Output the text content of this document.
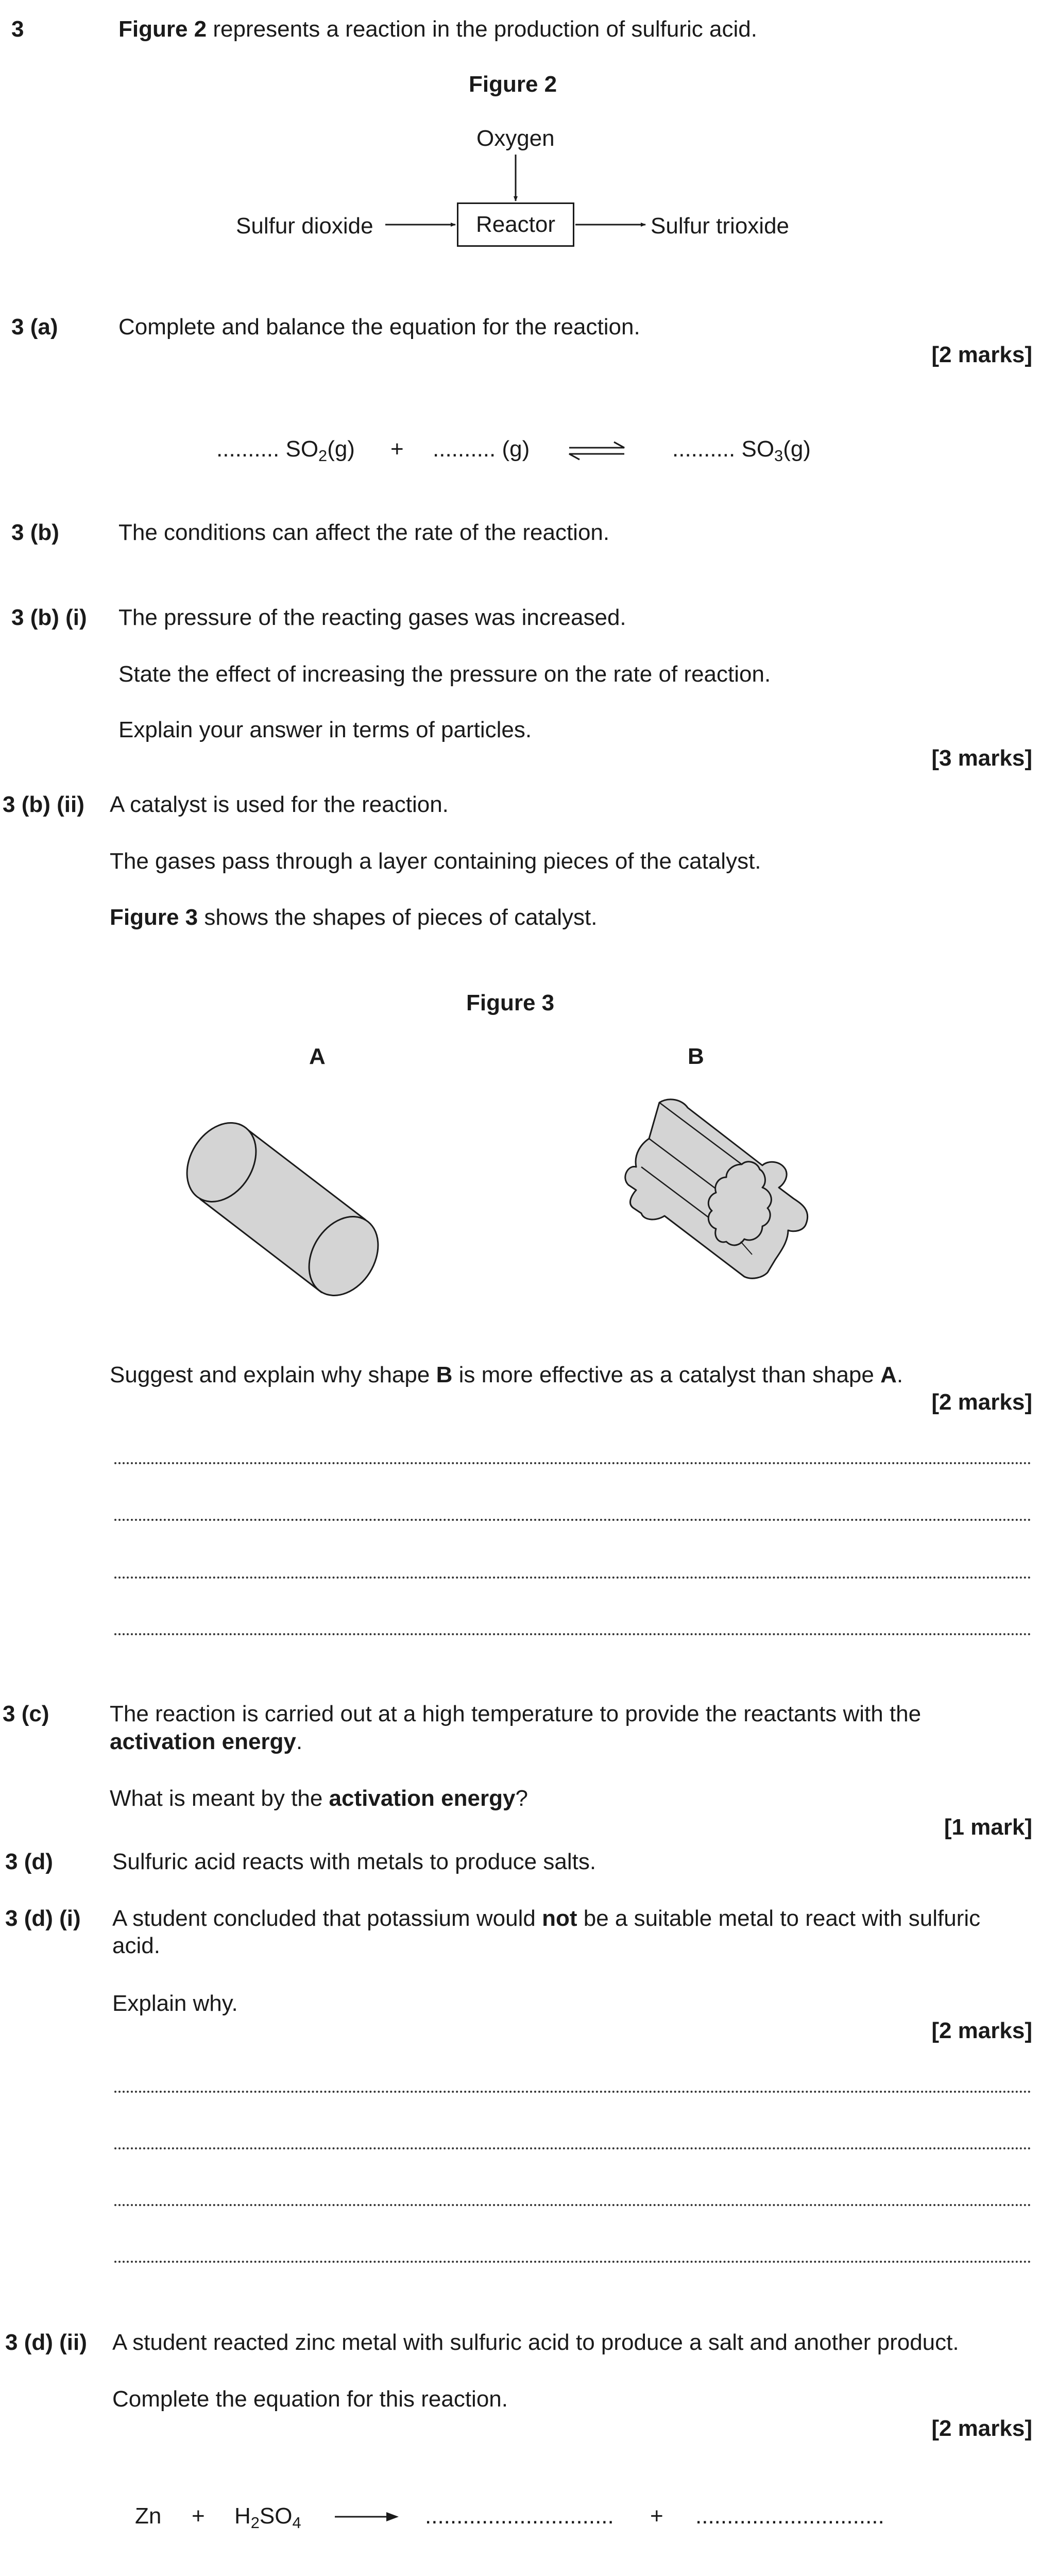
3	Figure 2 represents a reaction in the production of sulfuric acid.
Figure 2
Oxygen
Sulfur dioxide	Sulfur trioxide
Reactor
3 (a)	Complete and balance the equation for the reaction.
[2 marks]
.......... $SO_2(g)$ + .......... (g)	.......... $SO_3(g)$
3 (b)	The conditions can affect the rate of the reaction.
3 (b) (i) The pressure of the reacting gases was increased.
State the effect of increasing the pressure on the rate of reaction.
Explain your answer in terms of particles.
[3 marks]
3 (b) (ii) A catalyst is used for the reaction.
The gases pass through a layer containing pieces of the catalyst.
Figure 3 shows the shapes of pieces of catalyst.
Figure 3
A	B
Suggest and explain why shape B is more effective as a catalyst than shape A.
[2 marks]
3 (c)	The reaction is carried out at a high temperature to provide the reactants with the
activation energy.
What is meant by the activation energy?
[1 mark]
3 (d)	Sulfuric acid reacts with metals to produce salts.
3 (d) (i) A student concluded that potassium would not be a suitable metal to react with sulfuric
acid.
Explain why.
[2 marks]
3 (d) (ii) A student reacted zinc metal with sulfuric acid to produce a salt and another product.
Complete the equation for this reaction.
[2 marks]
$Zn + H_2SO_4$ → .............................. + ..............................
